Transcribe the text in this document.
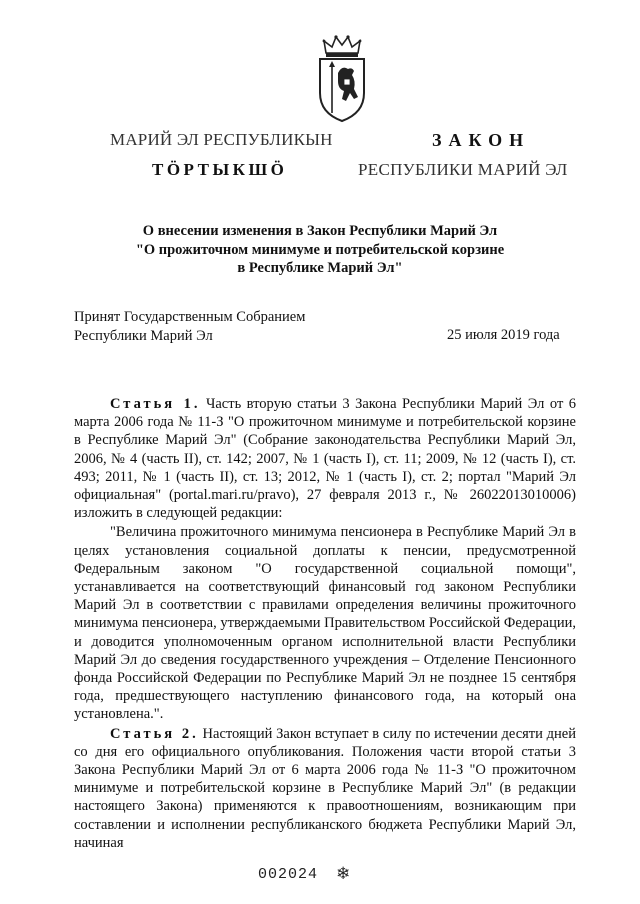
МАРИЙ ЭЛ РЕСПУБЛИКЫН
ТӦРТЫКШӦ
ЗАКОН
РЕСПУБЛИКИ МАРИЙ ЭЛ
О внесении изменения в Закон Республики Марий Эл
"О прожиточном минимуме и потребительской корзине
в Республике Марий Эл"
Принят Государственным Собранием
Республики Марий Эл	25 июля 2019 года

Статья 1. Часть вторую статьи 3 Закона Республики Марий Эл от 6 марта 2006 года № 11-З "О прожиточном минимуме и потребительской корзине в Республике Марий Эл" (Собрание законодательства Республики Марий Эл, 2006, № 4 (часть II), ст. 142; 2007, № 1 (часть I), ст. 11; 2009, № 12 (часть I), ст. 493; 2011, № 1 (часть II), ст. 13; 2012, № 1 (часть I), ст. 2; портал "Марий Эл официальная" (portal.mari.ru/pravo), 27 февраля 2013 г., № 26022013010006) изложить в следующей редакции:

"Величина прожиточного минимума пенсионера в Республике Марий Эл в целях установления социальной доплаты к пенсии, предусмотренной Федеральным законом "О государственной социальной помощи", устанавливается на соответствующий финансовый год законом Республики Марий Эл в соответствии с правилами определения величины прожиточного минимума пенсионера, утверждаемыми Правительством Российской Федерации, и доводится уполномоченным органом исполнительной власти Республики Марий Эл до сведения государственного учреждения – Отделение Пенсионного фонда Российской Федерации по Республике Марий Эл не позднее 15 сентября года, предшествующего наступлению финансового года, на который она установлена.".

Статья 2. Настоящий Закон вступает в силу по истечении десяти дней со дня его официального опубликования. Положения части второй статьи 3 Закона Республики Марий Эл от 6 марта 2006 года № 11-З "О прожиточном минимуме и потребительской корзине в Республике Марий Эл" (в редакции настоящего Закона) применяются к правоотношениям, возникающим при составлении и исполнении республиканского бюджета Республики Марий Эл, начиная

002024 ❄
